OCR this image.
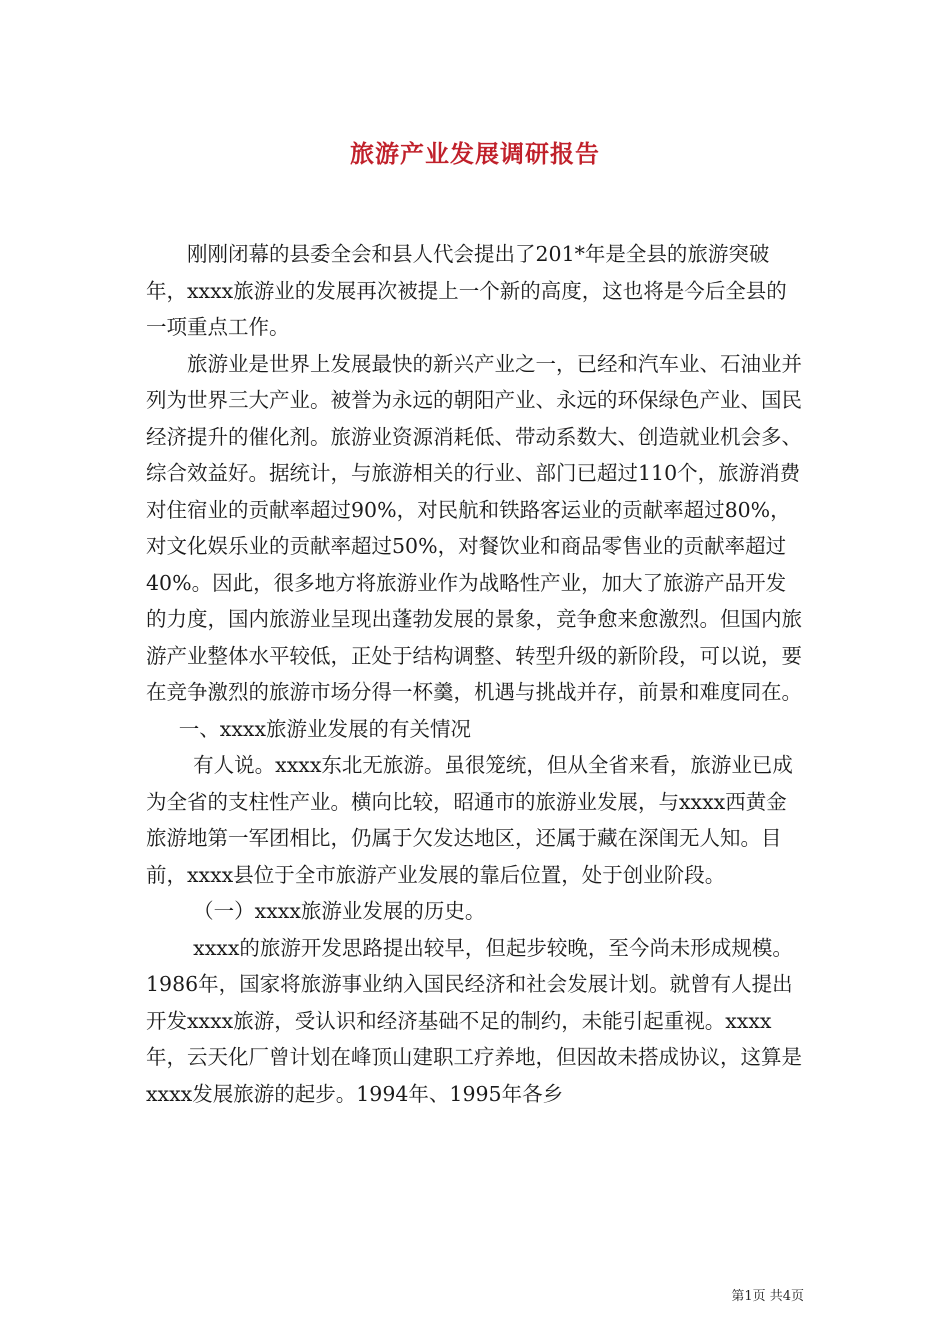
旅游产业发展调研报告

刚刚闭幕的县委全会和县人代会提出了201*年是全县的旅游突破年，xxxx旅游业的发展再次被提上一个新的高度，这也将是今后全县的一项重点工作。

旅游业是世界上发展最快的新兴产业之一，已经和汽车业、石油业并列为世界三大产业。被誉为永远的朝阳产业、永远的环保绿色产业、国民经济提升的催化剂。旅游业资源消耗低、带动系数大、创造就业机会多、综合效益好。据统计，与旅游相关的行业、部门已超过110个，旅游消费对住宿业的贡献率超过90%，对民航和铁路客运业的贡献率超过80%，对文化娱乐业的贡献率超过50%，对餐饮业和商品零售业的贡献率超过40%。因此，很多地方将旅游业作为战略性产业，加大了旅游产品开发的力度，国内旅游业呈现出蓬勃发展的景象，竞争愈来愈激烈。但国内旅游产业整体水平较低，正处于结构调整、转型升级的新阶段，可以说，要在竞争激烈的旅游市场分得一杯羹，机遇与挑战并存，前景和难度同在。

一、xxxx旅游业发展的有关情况

有人说。xxxx东北无旅游。虽很笼统，但从全省来看，旅游业已成为全省的支柱性产业。横向比较，昭通市的旅游业发展，与xxxx西黄金旅游地第一军团相比，仍属于欠发达地区，还属于藏在深闺无人知。目前，xxxx县位于全市旅游产业发展的靠后位置，处于创业阶段。

（一）xxxx旅游业发展的历史。

xxxx的旅游开发思路提出较早，但起步较晚，至今尚未形成规模。1986年，国家将旅游事业纳入国民经济和社会发展计划。就曾有人提出开发xxxx旅游，受认识和经济基础不足的制约，未能引起重视。xxxx年，云天化厂曾计划在峰顶山建职工疗养地，但因故未搭成协议，这算是xxxx发展旅游的起步。1994年、1995年各乡

第1页 共4页
